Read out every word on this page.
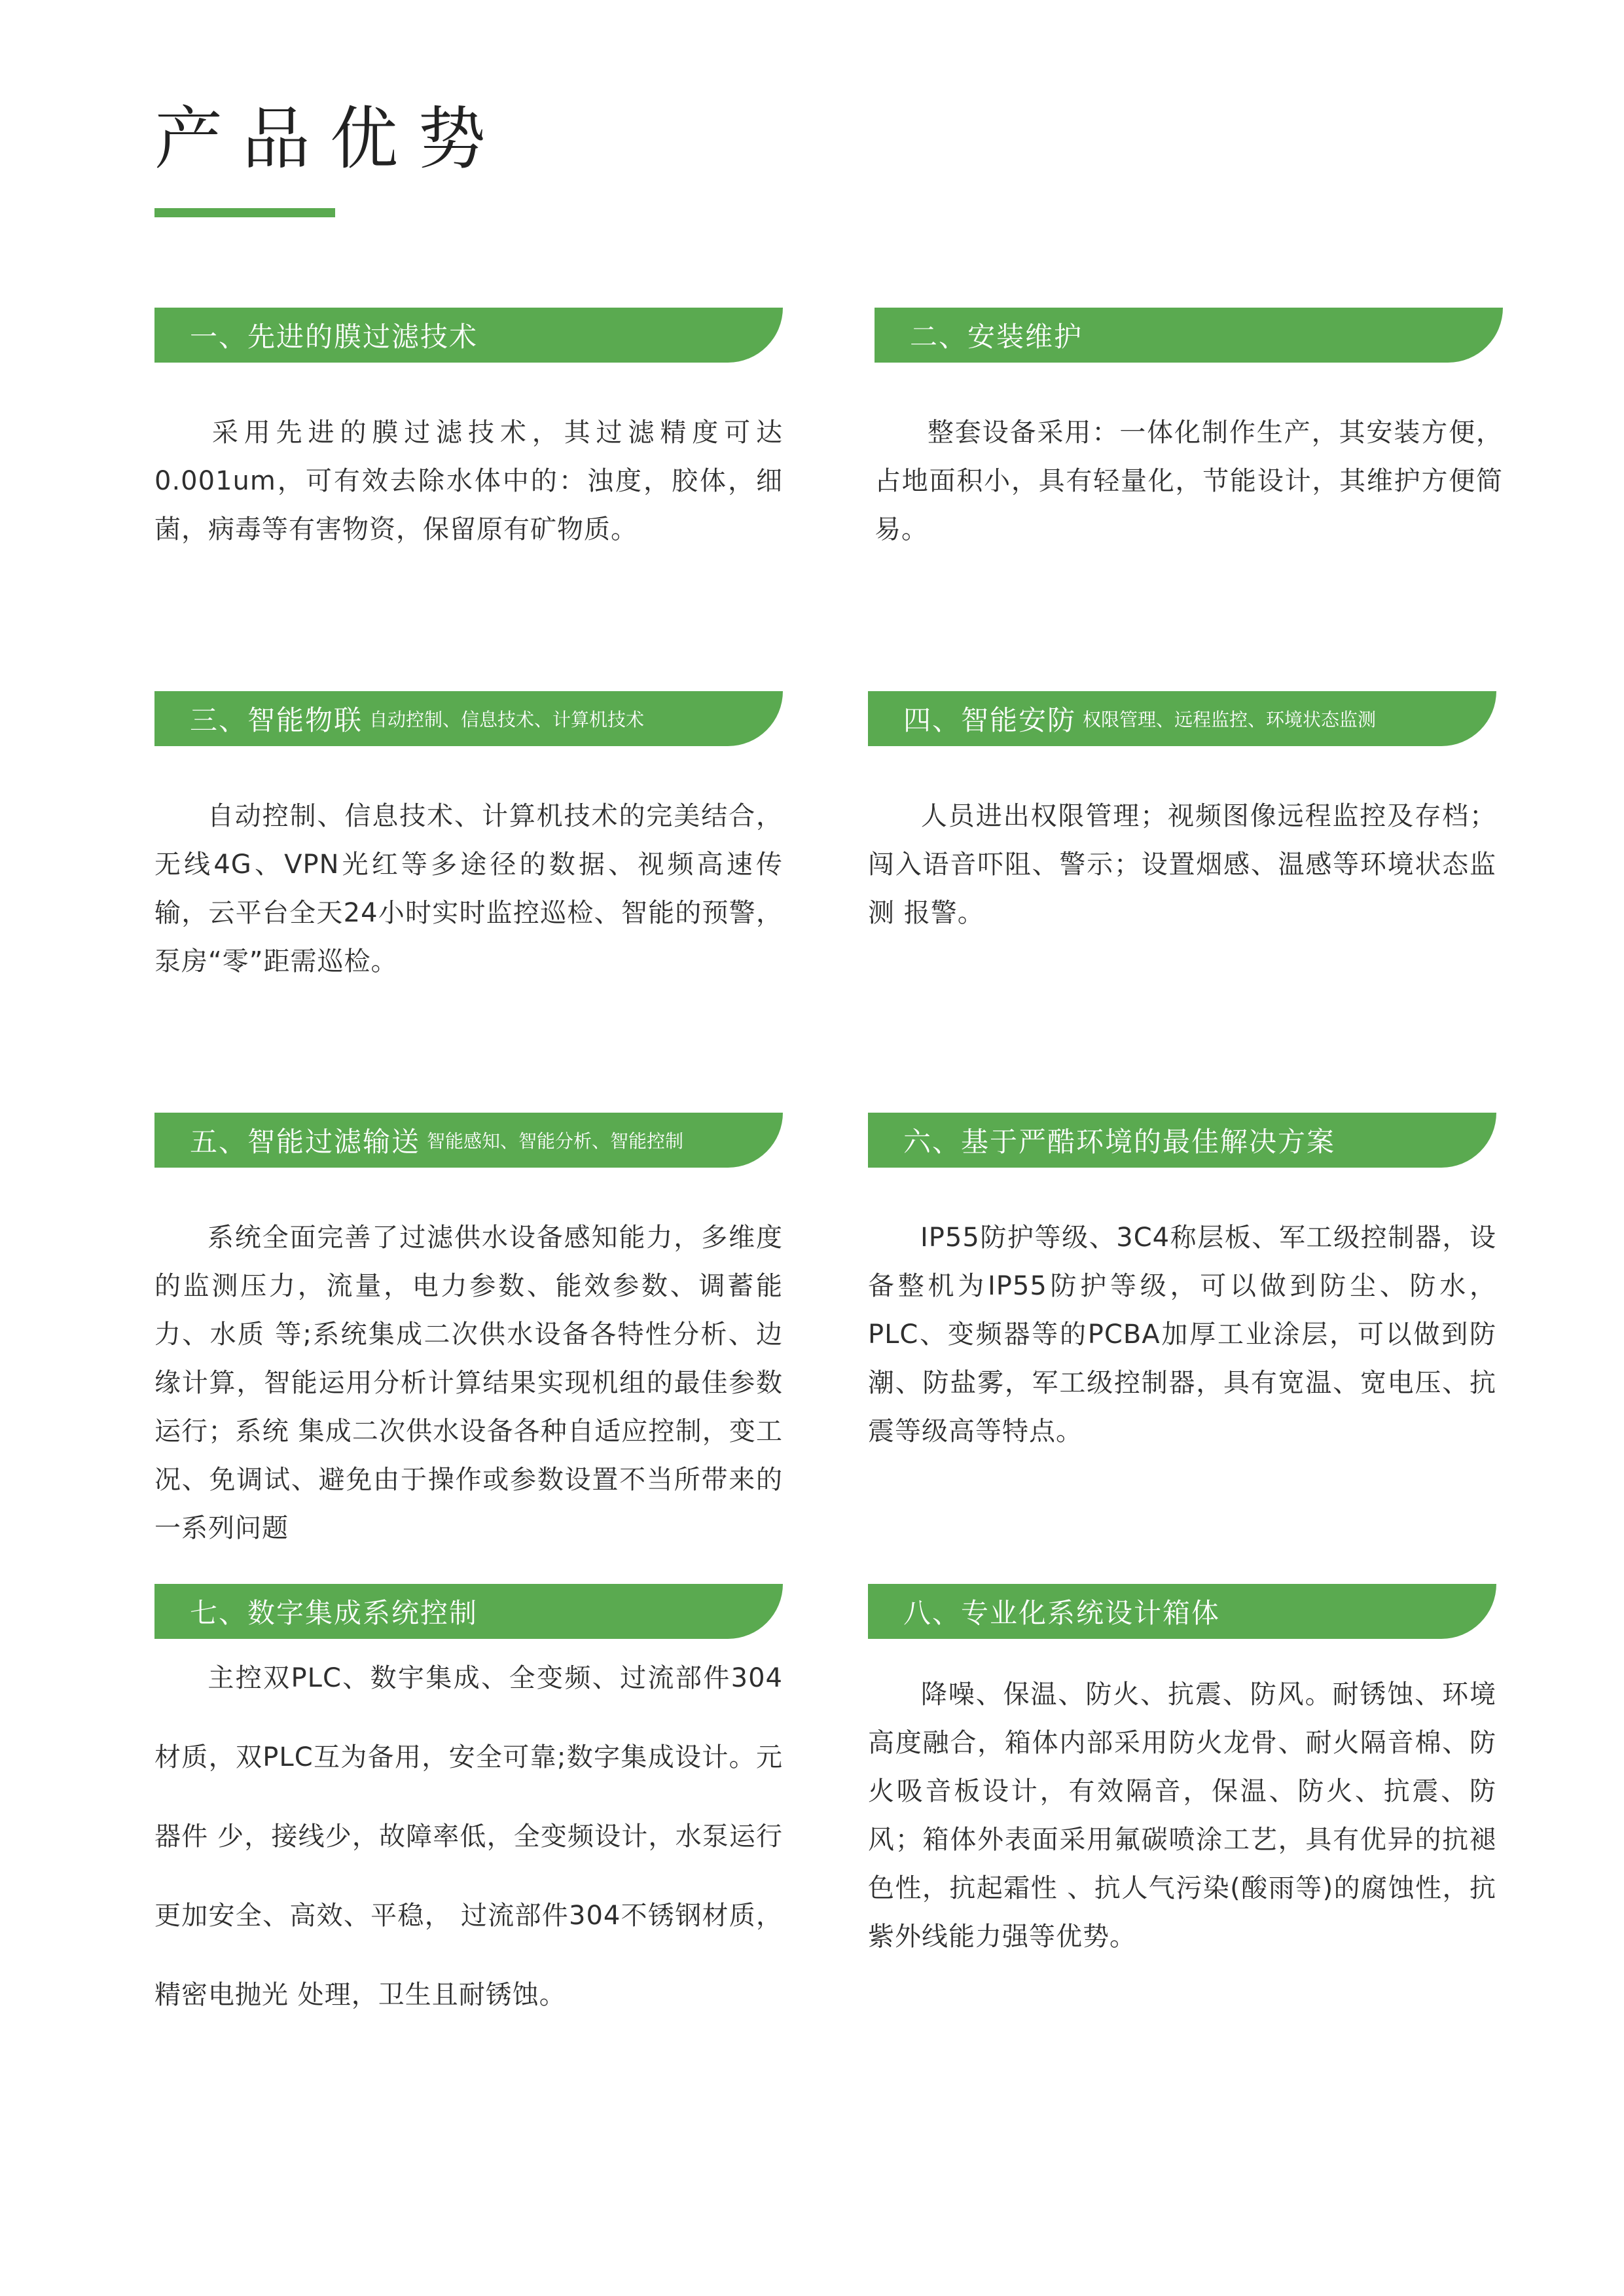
产品优势
一、先进的膜过滤技术
采用先进的膜过滤技术，其过滤精度可达0.001um，可有效去除水体中的：浊度，胶体，细菌，病毒等有害物资，保留原有矿物质。
二、安装维护
整套设备采用：一体化制作生产，其安装方便，占地面积小，具有轻量化，节能设计，其维护方便简易。
三、智能物联 自动控制、信息技术、计算机技术
自动控制、信息技术、计算机技术的完美结合，无线4G、VPN光红等多途径的数据、视频高速传输，云平台全天24小时实时监控巡检、智能的预警，泵房“零”距需巡检。
四、智能安防 权限管理、远程监控、环境状态监测
人员进出权限管理；视频图像远程监控及存档；闯入语音吓阻、警示；设置烟感、温感等环境状态监测 报警。
五、智能过滤输送 智能感知、智能分析、智能控制
系统全面完善了过滤供水设备感知能力，多维度的监测压力，流量，电力参数、能效参数、调蓄能力、水质 等;系统集成二次供水设备各特性分析、边缘计算，智能运用分析计算结果实现机组的最佳参数运行；系统 集成二次供水设备各种自适应控制，变工况、免调试、避免由于操作或参数设置不当所带来的一系列问题
六、基于严酷环境的最佳解决方案
IP55防护等级、3C4称层板、军工级控制器，设备整机为IP55防护等级，可以做到防尘、防水，PLC、变频器等的PCBA加厚工业涂层，可以做到防潮、防盐雾，军工级控制器，具有宽温、宽电压、抗震等级高等特点。
七、数字集成系统控制
主控双PLC、数宇集成、全变频、过流部件304材质，双PLC互为备用，安全可靠;数字集成设计。元器件 少，接线少，故障率低，全变频设计，水泵运行更加安全、高效、平稳， 过流部件304不锈钢材质，精密电抛光 处理，卫生且耐锈蚀。
八、专业化系统设计箱体
降噪、保温、防火、抗震、防风。耐锈蚀、环境高度融合，箱体内部采用防火龙骨、耐火隔音棉、防火吸音板设计，有效隔音，保温、防火、抗震、防风；箱体外表面采用氟碳喷涂工艺，具有优异的抗褪色性，抗起霜性 、抗人气污染(酸雨等)的腐蚀性，抗紫外线能力强等优势。
